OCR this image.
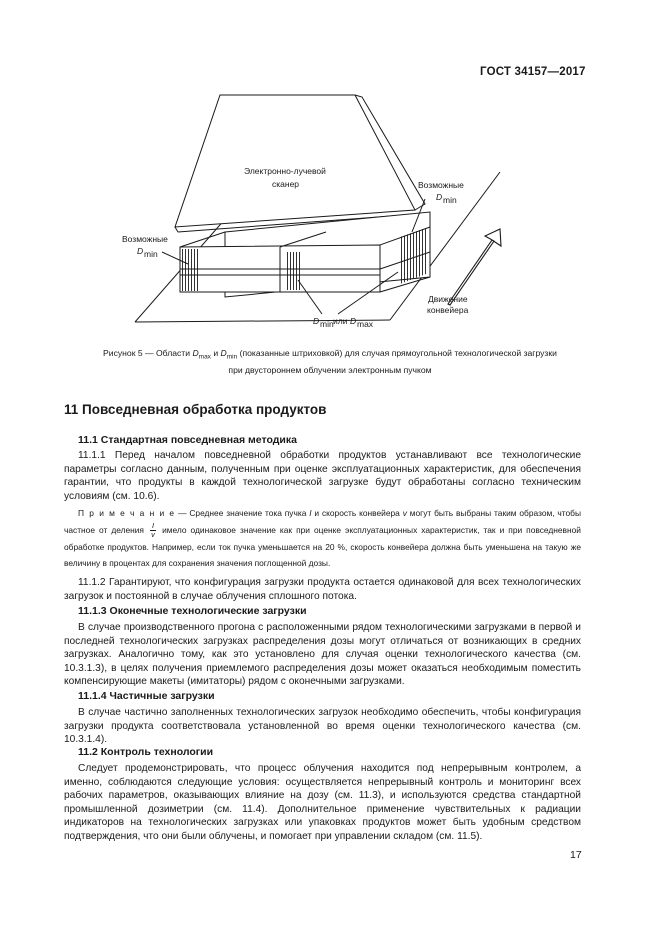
ГОСТ 34157—2017
Электронно-лучевой
сканер	Возможные
D min
Возможные
D min
D min или D max
Движение
конвейера
Рисунок 5 — Области $D_{max}$ и $D_{min}$ (показанные штриховкой) для случая прямоугольной технологической загрузки
при двустороннем облучении электронным пучком
11 Повседневная обработка продуктов
11.1 Стандартная повседневная методика
11.1.1 Перед началом повседневной обработки продуктов устанавливают все технологические параметры согласно данным, полученным при оценке эксплуатационных характеристик, для обеспечения гарантии, что продукты в каждой технологической загрузке будут обработаны согласно техническим условиям (см. 10.6).
П р и м е ч а н и е — Среднее значение тока пучка I и скорость конвейера v могут быть выбраны таким образом, чтобы частное от деления $\frac{I}{v}$ имело одинаковое значение как при оценке эксплуатационных характеристик, так и при повседневной обработке продуктов. Например, если ток пучка уменьшается на 20 %, скорость конвейера должна быть уменьшена на такую же величину в процентах для сохранения значения поглощенной дозы.
11.1.2 Гарантируют, что конфигурация загрузки продукта остается одинаковой для всех технологических загрузок и постоянной в случае облучения сплошного потока.
11.1.3 Оконечные технологические загрузки
В случае производственного прогона с расположенными рядом технологическими загрузками в первой и последней технологических загрузках распределения дозы могут отличаться от возникающих в средних загрузках. Аналогично тому, как это установлено для случая оценки технологического качества (см. 10.3.1.3), в целях получения приемлемого распределения дозы может оказаться необходимым поместить компенсирующие макеты (имитаторы) рядом с оконечными загрузками.
11.1.4 Частичные загрузки
В случае частично заполненных технологических загрузок необходимо обеспечить, чтобы конфигурация загрузки продукта соответствовала установленной во время оценки технологического качества (см. 10.3.1.4).
11.2 Контроль технологии
Следует продемонстрировать, что процесс облучения находится под непрерывным контролем, а именно, соблюдаются следующие условия: осуществляется непрерывный контроль и мониторинг всех рабочих параметров, оказывающих влияние на дозу (см. 11.3), и используются средства стандартной промышленной дозиметрии (см. 11.4). Дополнительное применение чувствительных к радиации индикаторов на технологических загрузках или упаковках продуктов может быть удобным средством подтверждения, что они были облучены, и помогает при управлении складом (см. 11.5).
17
